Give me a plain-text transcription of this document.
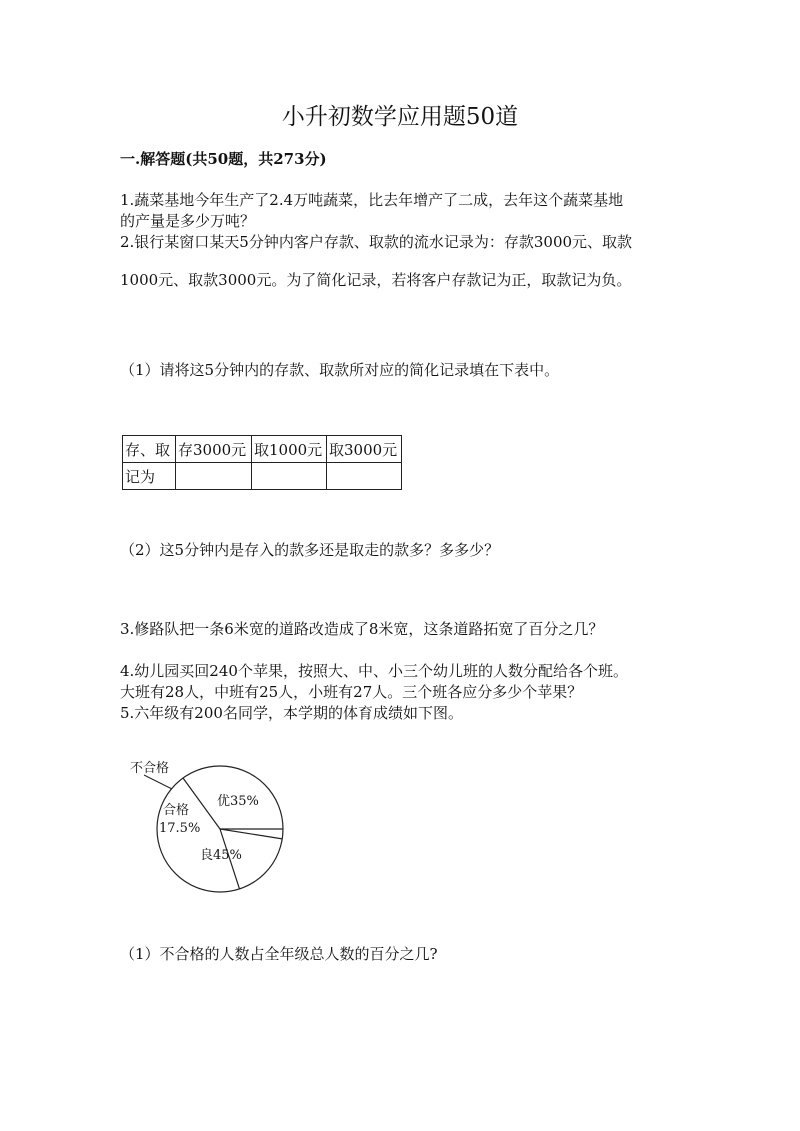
小升初数学应用题50道
一.解答题(共50题，共273分)
1.蔬菜基地今年生产了2.4万吨蔬菜，比去年增产了二成，去年这个蔬菜基地
的产量是多少万吨？
2.银行某窗口某天5分钟内客户存款、取款的流水记录为：存款3000元、取款
1000元、取款3000元。为了简化记录，若将客户存款记为正，取款记为负。
（1）请将这5分钟内的存款、取款所对应的简化记录填在下表中。
存、取	存3000元	取1000元	取3000元
记为			
（2）这5分钟内是存入的款多还是取走的款多？多多少？
3.修路队把一条6米宽的道路改造成了8米宽，这条道路拓宽了百分之几？
4.幼儿园买回240个苹果，按照大、中、小三个幼儿班的人数分配给各个班。
大班有28人，中班有25人，小班有27人。三个班各应分多少个苹果？
5.六年级有200名同学，本学期的体育成绩如下图。
不合格
优35%
合格
17.5%
良45%
（1）不合格的人数占全年级总人数的百分之几?
